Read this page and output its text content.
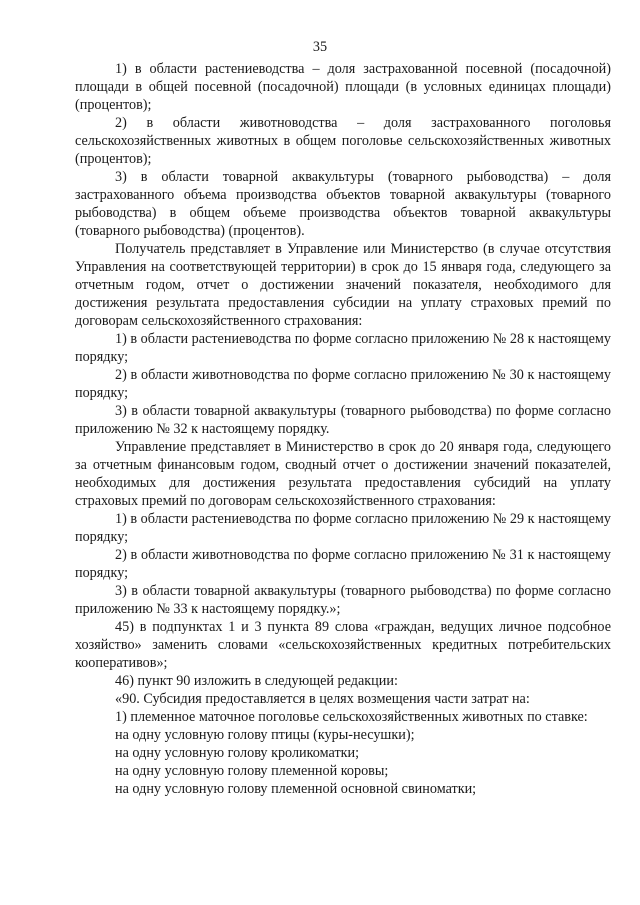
35

1) в области растениеводства – доля застрахованной посевной (посадочной) площади в общей посевной (посадочной) площади (в условных единицах площади) (процентов);

2) в области животноводства – доля застрахованного поголовья сельскохозяйственных животных в общем поголовье сельскохозяйственных животных (процентов);

3) в области товарной аквакультуры (товарного рыбоводства) – доля застрахованного объема производства объектов товарной аквакультуры (товарного рыбоводства) в общем объеме производства объектов товарной аквакультуры (товарного рыбоводства) (процентов).

Получатель представляет в Управление или Министерство (в случае отсутствия Управления на соответствующей территории) в срок до 15 января года, следующего за отчетным годом, отчет о достижении значений показателя, необходимого для достижения результата предоставления субсидии на уплату страховых премий по договорам сельскохозяйственного страхования:

1) в области растениеводства по форме согласно приложению № 28 к настоящему порядку;

2) в области животноводства по форме согласно приложению № 30 к настоящему порядку;

3) в области товарной аквакультуры (товарного рыбоводства) по форме согласно приложению № 32 к настоящему порядку.

Управление представляет в Министерство в срок до 20 января года, следующего за отчетным финансовым годом, сводный отчет о достижении значений показателей, необходимых для достижения результата предоставления субсидий на уплату страховых премий по договорам сельскохозяйственного страхования:

1) в области растениеводства по форме согласно приложению № 29 к настоящему порядку;

2) в области животноводства по форме согласно приложению № 31 к настоящему порядку;

3) в области товарной аквакультуры (товарного рыбоводства) по форме согласно приложению № 33 к настоящему порядку.»;

45) в подпунктах 1 и 3 пункта 89 слова «граждан, ведущих личное подсобное хозяйство» заменить словами «сельскохозяйственных кредитных потребительских кооперативов»;

46) пункт 90 изложить в следующей редакции:

«90. Субсидия предоставляется в целях возмещения части затрат на:

1) племенное маточное поголовье сельскохозяйственных животных по ставке:

на одну условную голову птицы (куры-несушки);

на одну условную голову кроликоматки;

на одну условную голову племенной коровы;

на одну условную голову племенной основной свиноматки;
